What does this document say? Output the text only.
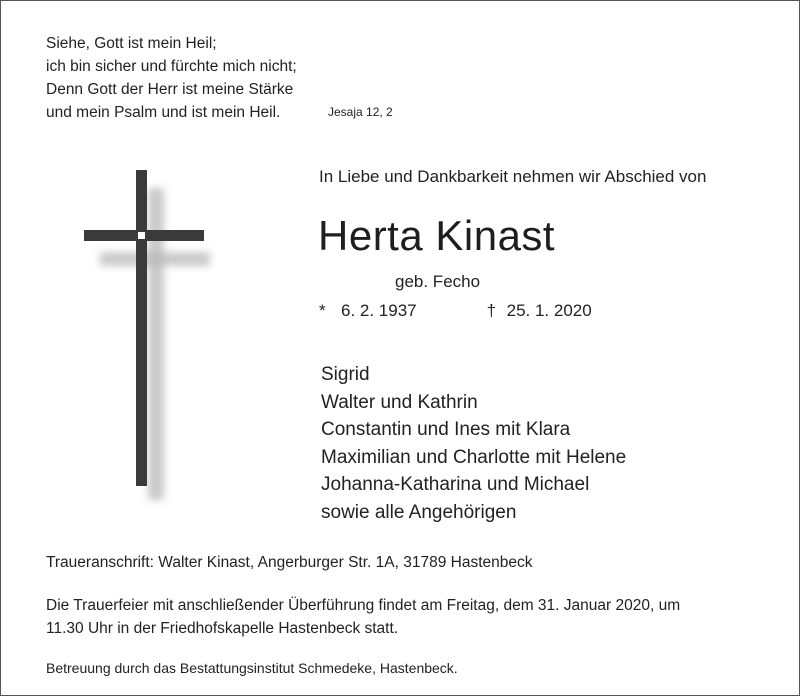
Siehe, Gott ist mein Heil;
ich bin sicher und fürchte mich nicht;
Denn Gott der Herr ist meine Stärke
und mein Psalm und ist mein Heil.	Jesaja 12, 2
In Liebe und Dankbarkeit nehmen wir Abschied von
Herta Kinast
geb. Fecho
* 6. 2. 1937	† 25. 1. 2020
Sigrid
Walter und Kathrin
Constantin und Ines mit Klara
Maximilian und Charlotte mit Helene
Johanna-Katharina und Michael
sowie alle Angehörigen
Traueranschrift: Walter Kinast, Angerburger Str. 1A, 31789 Hastenbeck
Die Trauerfeier mit anschließender Überführung findet am Freitag, dem 31. Januar 2020, um
11.30 Uhr in der Friedhofskapelle Hastenbeck statt.
Betreuung durch das Bestattungsinstitut Schmedeke, Hastenbeck.
